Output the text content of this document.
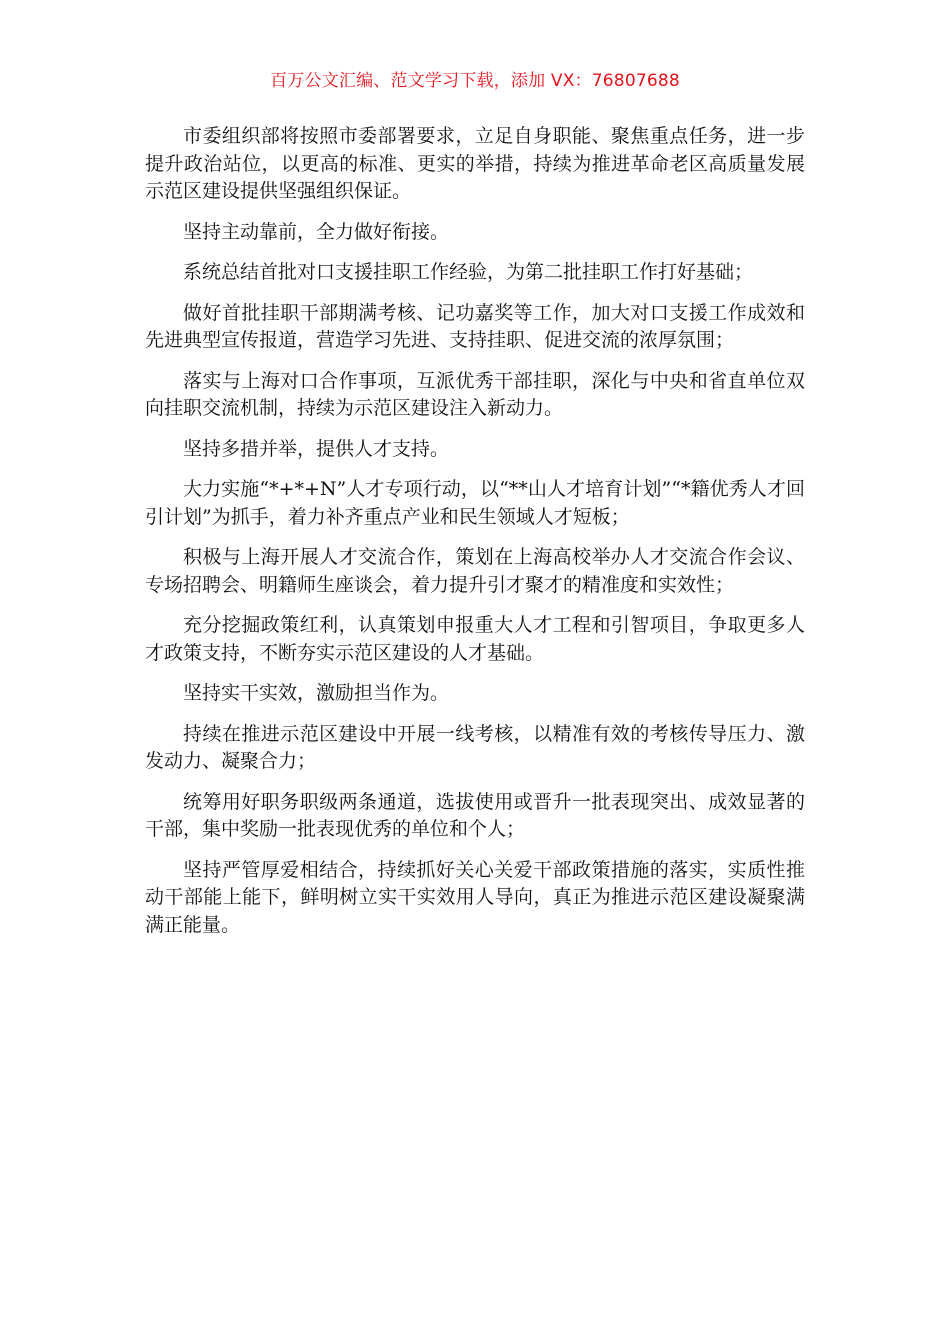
百万公文汇编、范文学习下载，添加 VX：76807688

市委组织部将按照市委部署要求，立足自身职能、聚焦重点任务，进一步提升政治站位，以更高的标准、更实的举措，持续为推进革命老区高质量发展示范区建设提供坚强组织保证。

坚持主动靠前，全力做好衔接。

系统总结首批对口支援挂职工作经验，为第二批挂职工作打好基础；

做好首批挂职干部期满考核、记功嘉奖等工作，加大对口支援工作成效和先进典型宣传报道，营造学习先进、支持挂职、促进交流的浓厚氛围；

落实与上海对口合作事项，互派优秀干部挂职，深化与中央和省直单位双向挂职交流机制，持续为示范区建设注入新动力。

坚持多措并举，提供人才支持。

大力实施“*+*+N”人才专项行动，以“**山人才培育计划”“*籍优秀人才回引计划”为抓手，着力补齐重点产业和民生领域人才短板；

积极与上海开展人才交流合作，策划在上海高校举办人才交流合作会议、专场招聘会、明籍师生座谈会，着力提升引才聚才的精准度和实效性；

充分挖掘政策红利，认真策划申报重大人才工程和引智项目，争取更多人才政策支持，不断夯实示范区建设的人才基础。

坚持实干实效，激励担当作为。

持续在推进示范区建设中开展一线考核，以精准有效的考核传导压力、激发动力、凝聚合力；

统筹用好职务职级两条通道，选拔使用或晋升一批表现突出、成效显著的干部，集中奖励一批表现优秀的单位和个人；

坚持严管厚爱相结合，持续抓好关心关爱干部政策措施的落实，实质性推动干部能上能下，鲜明树立实干实效用人导向，真正为推进示范区建设凝聚满满正能量。
